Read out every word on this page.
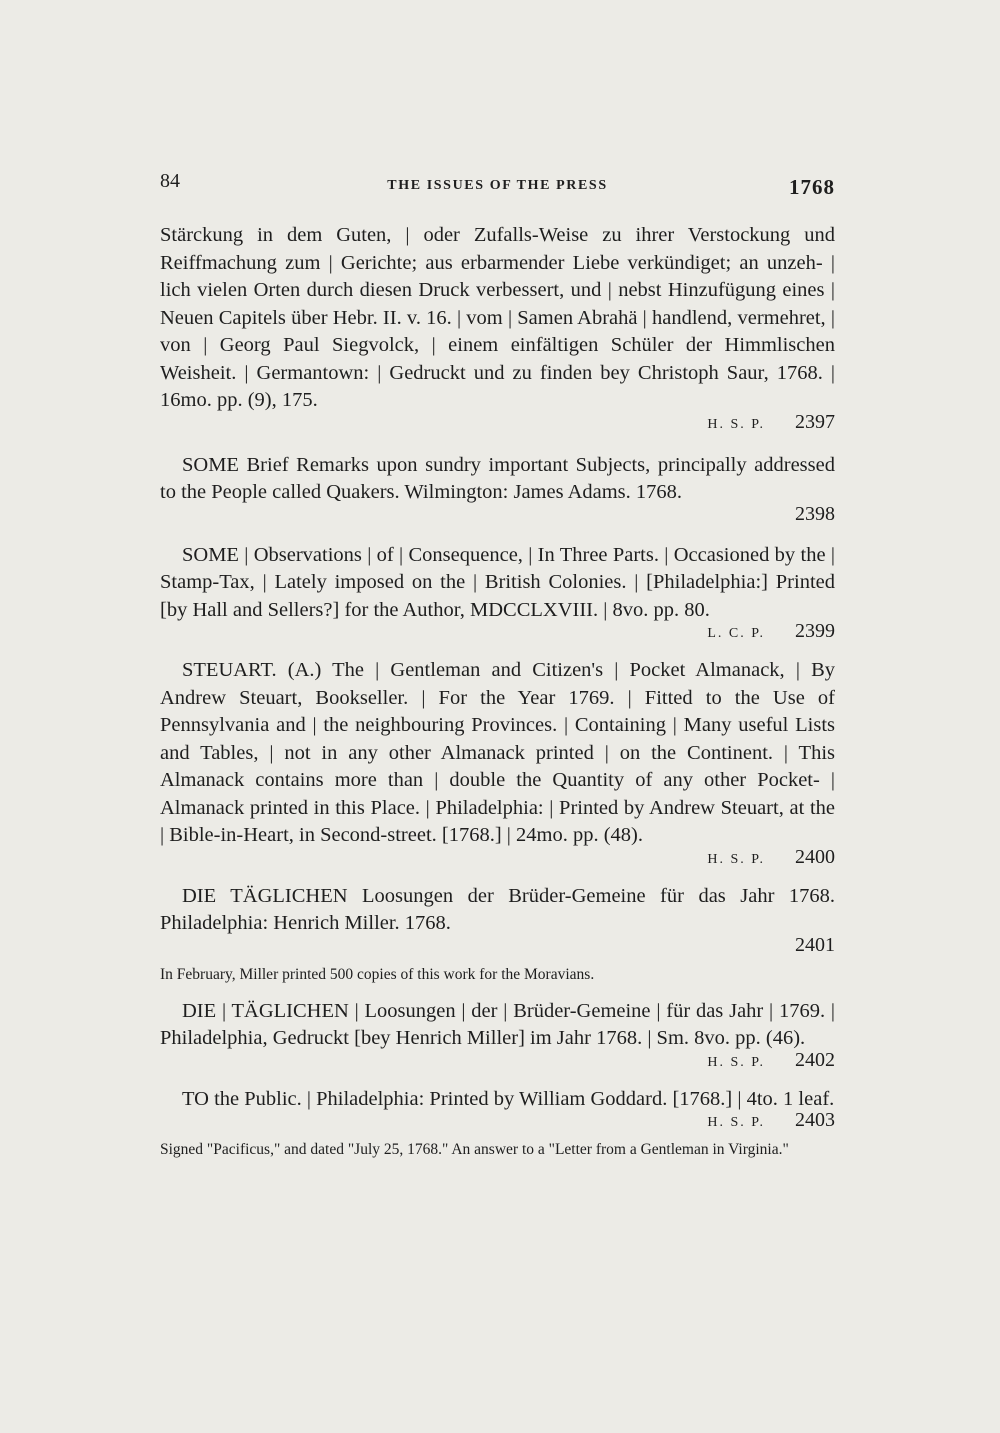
84	THE ISSUES OF THE PRESS	1768

Stärckung in dem Guten, | oder Zufalls-Weise zu ihrer Verstockung und Reiffmachung zum | Gerichte; aus erbarmender Liebe verkündiget; an unzeh- | lich vielen Orten durch diesen Druck verbessert, und | nebst Hinzufügung eines | Neuen Capitels über Hebr. II. v. 16. | vom | Samen Abrahä | handlend, vermehret, | von | Georg Paul Siegvolck, | einem einfältigen Schüler der Himmlischen Weisheit. | Germantown: | Gedruckt und zu finden bey Christoph Saur, 1768. | 16mo. pp. (9), 175.

H. S. P. 2397

SOME Brief Remarks upon sundry important Subjects, principally addressed to the People called Quakers. Wilmington: James Adams. 1768.

2398

SOME | Observations | of | Consequence, | In Three Parts. | Occasioned by the | Stamp-Tax, | Lately imposed on the | British Colonies. | [Philadelphia:] Printed [by Hall and Sellers?] for the Author, MDCCLXVIII. | 8vo. pp. 80.

L. C. P. 2399

STEUART. (A.) The | Gentleman and Citizen's | Pocket Almanack, | By Andrew Steuart, Bookseller. | For the Year 1769. | Fitted to the Use of Pennsylvania and | the neighbouring Provinces. | Containing | Many useful Lists and Tables, | not in any other Almanack printed | on the Continent. | This Almanack contains more than | double the Quantity of any other Pocket- | Almanack printed in this Place. | Philadelphia: | Printed by Andrew Steuart, at the | Bible-in-Heart, in Second-street. [1768.] | 24mo. pp. (48).

H. S. P. 2400

DIE TÄGLICHEN Loosungen der Brüder-Gemeine für das Jahr 1768. Philadelphia: Henrich Miller. 1768.

2401
In February, Miller printed 500 copies of this work for the Moravians.

DIE | TÄGLICHEN | Loosungen | der | Brüder-Gemeine | für das Jahr | 1769. | Philadelphia, Gedruckt [bey Henrich Miller] im Jahr 1768. | Sm. 8vo. pp. (46).

H. S. P. 2402

TO the Public. | Philadelphia: Printed by William Goddard. [1768.] | 4to. 1 leaf.

H. S. P. 2403
Signed "Pacificus," and dated "July 25, 1768." An answer to a "Letter from a Gentleman in Virginia."
